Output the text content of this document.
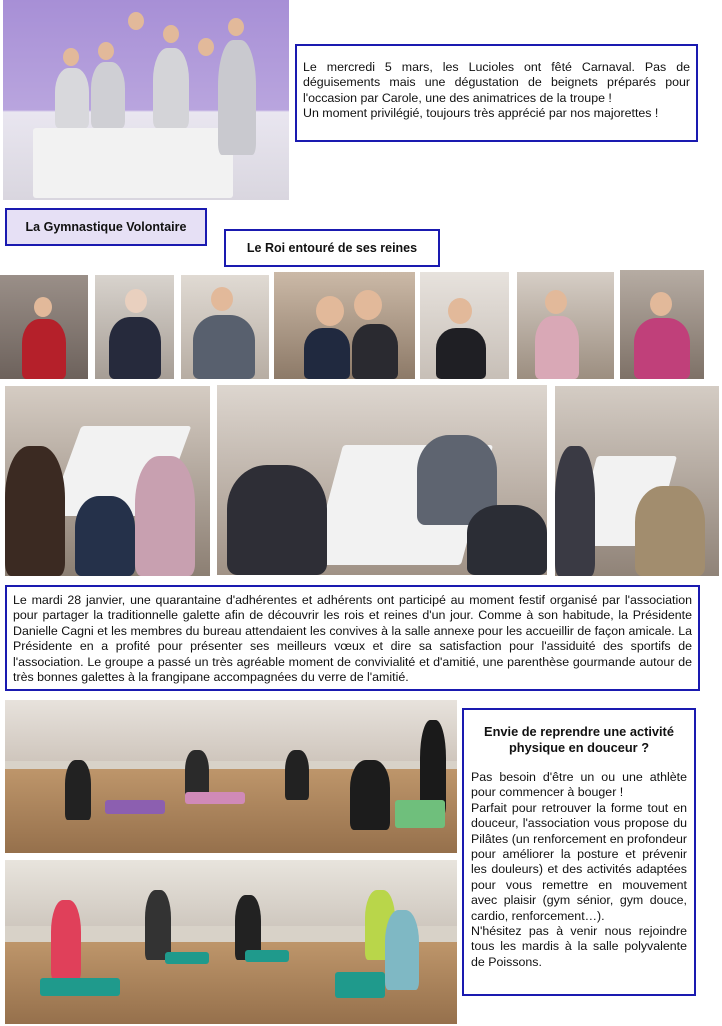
Le mercredi 5 mars, les Lucioles ont fêté Carnaval. Pas de déguisements mais une dégustation de beignets préparés pour l'occasion par Carole, une des animatrices de la troupe !
Un moment privilégié, toujours très apprécié par nos majorettes !
La Gymnastique Volontaire
Le Roi entouré de ses reines
Le mardi 28 janvier, une quarantaine d'adhérentes et adhérents ont participé au moment festif organisé par l'association pour partager la traditionnelle galette afin de découvrir les rois et reines d'un jour. Comme à son habitude, la Présidente Danielle Cagni et les membres du bureau attendaient les convives à la salle annexe pour les accueillir de façon amicale. La Présidente en a profité pour présenter ses meilleurs vœux et dire sa satisfaction pour l'assiduité des sportifs de l'association. Le groupe a passé un très agréable moment de convivialité et d'amitié, une parenthèse gourmande autour de très bonnes galettes à la frangipane accompagnées du verre de l'amitié.
Envie de reprendre une activité physique en douceur ?
Pas besoin d'être un ou une athlète pour commencer à bouger !
Parfait pour retrouver la forme tout en douceur, l'association vous propose du Pilâtes (un renforcement en profondeur pour améliorer la posture et prévenir les douleurs) et des activités adaptées pour vous remettre en mouvement avec plaisir (gym sénior, gym douce, cardio, renforcement…).
N'hésitez pas à venir nous rejoindre tous les mardis à la salle polyvalente de Poissons.
